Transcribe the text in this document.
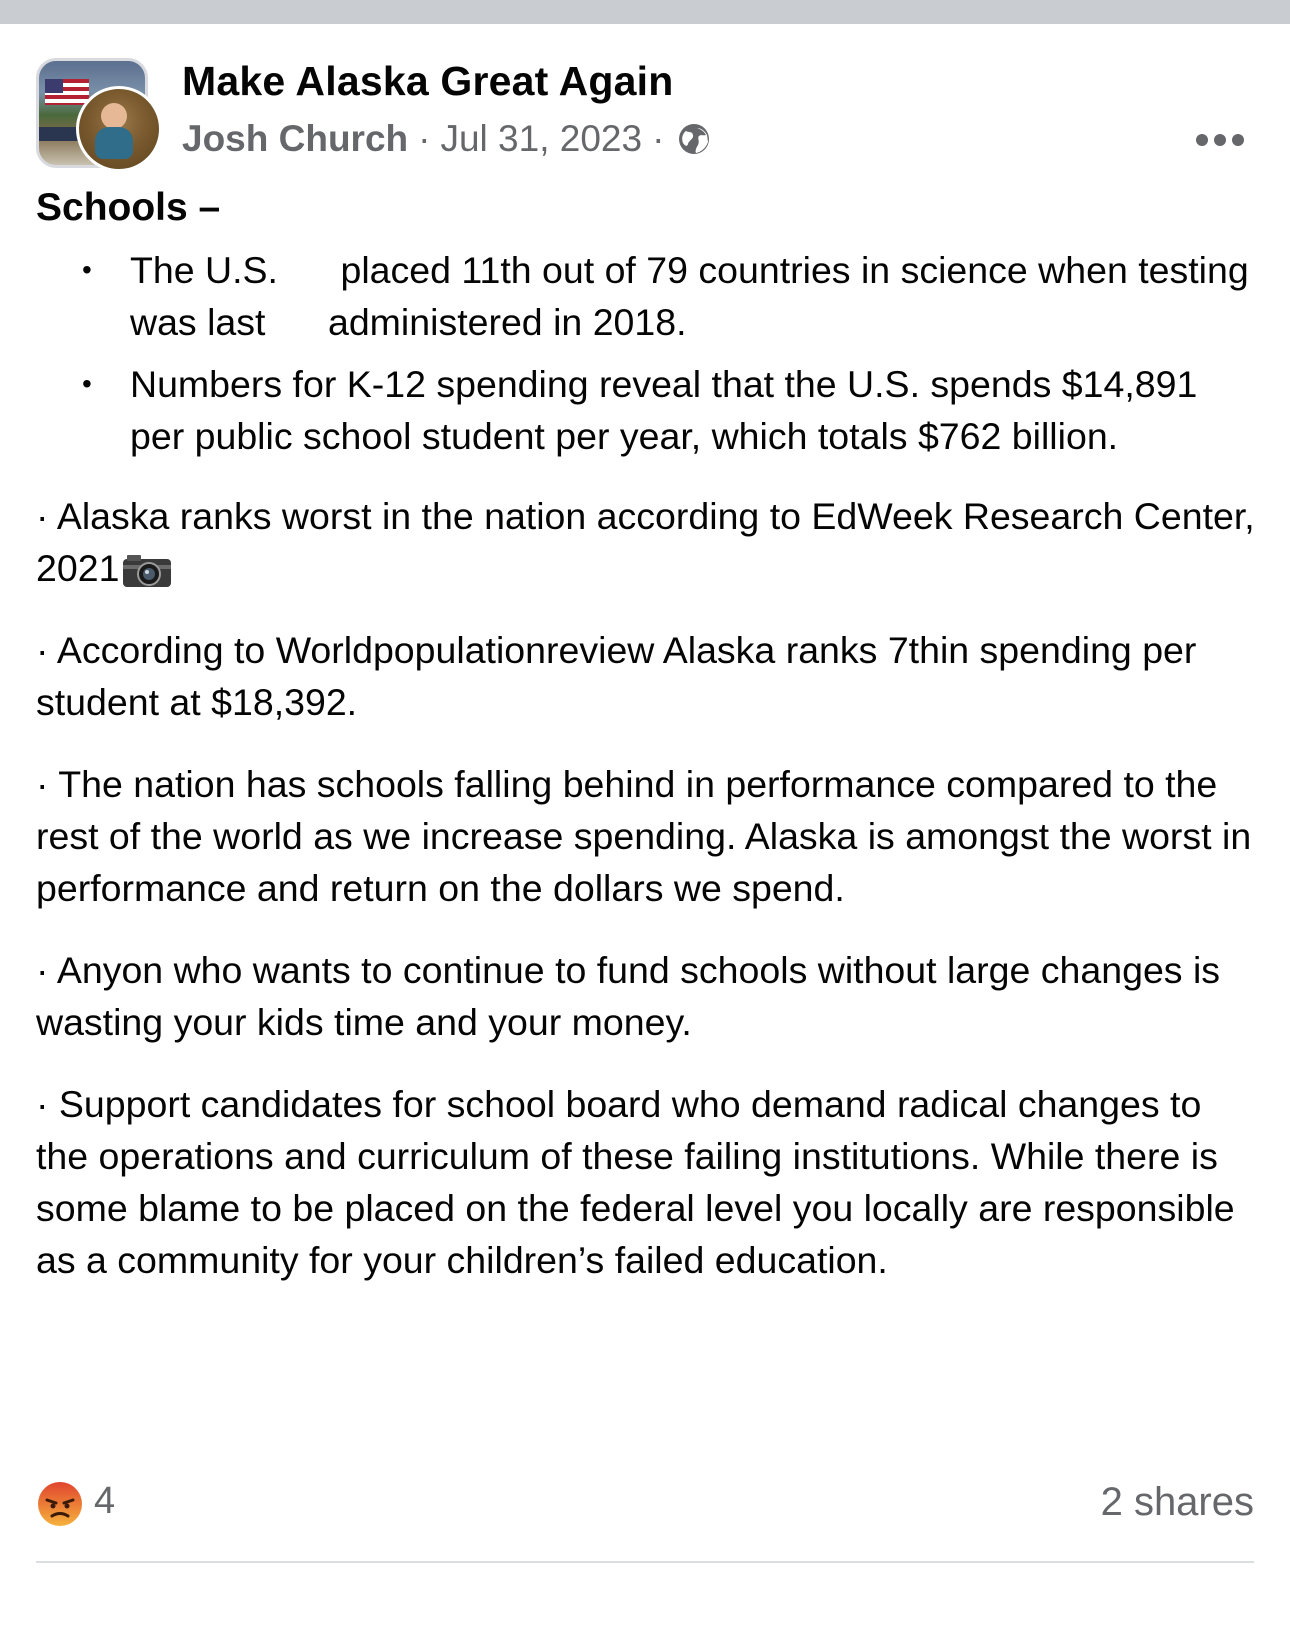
Make Alaska Great Again
Josh Church · Jul 31, 2023 ·
Schools –
• The U.S.      placed 11th out of 79 countries in science when testing was last      administered in 2018.
• Numbers for K-12 spending reveal that the U.S. spends $14,891 per public school student per year, which totals $762 billion.
· Alaska ranks worst in the nation according to EdWeek Research Center, 2021
· According to Worldpopulationreview Alaska ranks 7thin spending per student at $18,392.
· The nation has schools falling behind in performance compared to the rest of the world as we increase spending. Alaska is amongst the worst in performance and return on the dollars we spend.
· Anyon who wants to continue to fund schools without large changes is wasting your kids time and your money.
· Support candidates for school board who demand radical changes to the operations and curriculum of these failing institutions. While there is some blame to be placed on the federal level you locally are responsible as a community for your children’s failed education.
4	2 shares
